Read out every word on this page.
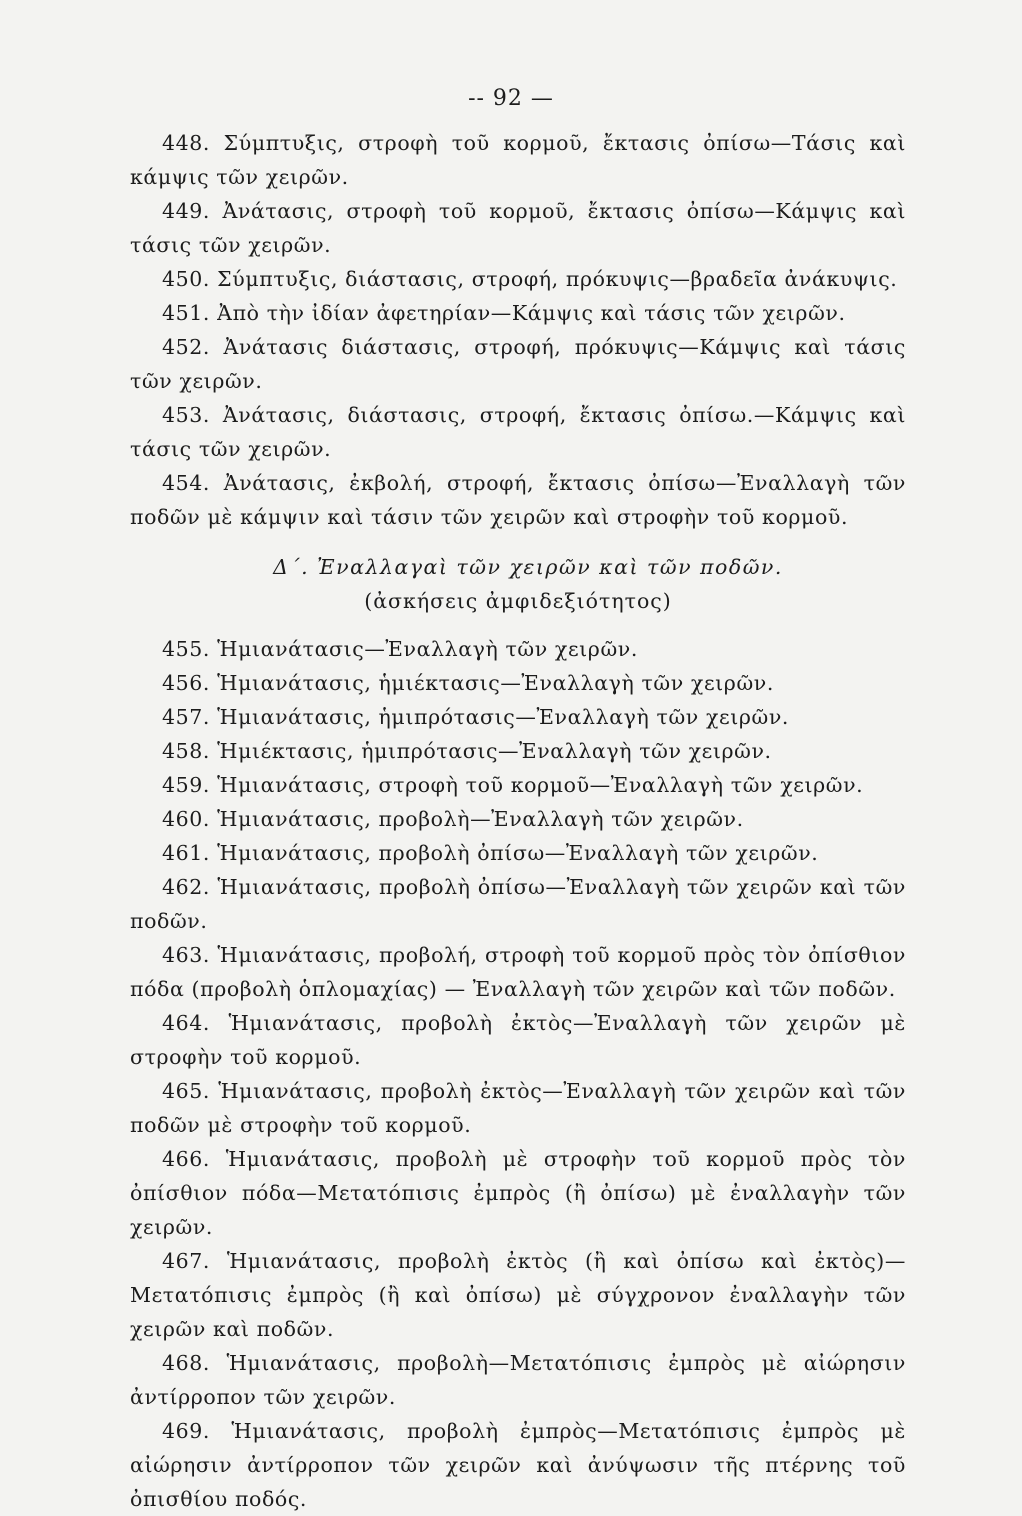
-- 92 —

448. Σύμπτυξις, στροφὴ τοῦ κορμοῦ, ἔκτασις ὀπίσω—Τάσις καὶ κάμψις τῶν χειρῶν.

449. Ἀνάτασις, στροφὴ τοῦ κορμοῦ, ἔκτασις ὀπίσω—Κάμψις καὶ τάσις τῶν χειρῶν.

450. Σύμπτυξις, διάστασις, στροφή, πρόκυψις—βραδεῖα ἀνάκυψις.

451. Ἀπὸ τὴν ἰδίαν ἀφετηρίαν—Κάμψις καὶ τάσις τῶν χειρῶν.

452. Ἀνάτασις διάστασις, στροφή, πρόκυψις—Κάμψις καὶ τάσις τῶν χειρῶν.

453. Ἀνάτασις, διάστασις, στροφή, ἔκτασις ὀπίσω.—Κάμψις καὶ τάσις τῶν χειρῶν.

454. Ἀνάτασις, ἐκβολή, στροφή, ἔκτασις ὀπίσω—Ἐναλλαγὴ τῶν ποδῶν μὲ κάμψιν καὶ τάσιν τῶν χειρῶν καὶ στροφὴν τοῦ κορμοῦ.

Δ΄. Ἐναλλαγαὶ τῶν χειρῶν καὶ τῶν ποδῶν.

(ἀσκήσεις ἀμφιδεξιότητος)

455. Ἡμιανάτασις—Ἐναλλαγὴ τῶν χειρῶν.

456. Ἡμιανάτασις, ἡμιέκτασις—Ἐναλλαγὴ τῶν χειρῶν.

457. Ἡμιανάτασις, ἡμιπρότασις—Ἐναλλαγὴ τῶν χειρῶν.

458. Ἡμιέκτασις, ἡμιπρότασις—Ἐναλλαγὴ τῶν χειρῶν.

459. Ἡμιανάτασις, στροφὴ τοῦ κορμοῦ—Ἐναλλαγὴ τῶν χειρῶν.

460. Ἡμιανάτασις, προβολὴ—Ἐναλλαγὴ τῶν χειρῶν.

461. Ἡμιανάτασις, προβολὴ ὀπίσω—Ἐναλλαγὴ τῶν χειρῶν.

462. Ἡμιανάτασις, προβολὴ ὀπίσω—Ἐναλλαγὴ τῶν χειρῶν καὶ τῶν ποδῶν.

463. Ἡμιανάτασις, προβολή, στροφὴ τοῦ κορμοῦ πρὸς τὸν ὀπίσθιον πόδα (προβολὴ ὁπλομαχίας) — Ἐναλλαγὴ τῶν χειρῶν καὶ τῶν ποδῶν.

464. Ἡμιανάτασις, προβολὴ ἐκτὸς—Ἐναλλαγὴ τῶν χειρῶν μὲ στροφὴν τοῦ κορμοῦ.

465. Ἡμιανάτασις, προβολὴ ἐκτὸς—Ἐναλλαγὴ τῶν χειρῶν καὶ τῶν ποδῶν μὲ στροφὴν τοῦ κορμοῦ.

466. Ἡμιανάτασις, προβολὴ μὲ στροφὴν τοῦ κορμοῦ πρὸς τὸν ὀπίσθιον πόδα—Μετατόπισις ἐμπρὸς (ἢ ὀπίσω) μὲ ἐναλλαγὴν τῶν χειρῶν.

467. Ἡμιανάτασις, προβολὴ ἐκτὸς (ἢ καὶ ὀπίσω καὶ ἐκτὸς)—Μετατόπισις ἐμπρὸς (ἢ καὶ ὀπίσω) μὲ σύγχρονον ἐναλλαγὴν τῶν χειρῶν καὶ ποδῶν.

468. Ἡμιανάτασις, προβολὴ—Μετατόπισις ἐμπρὸς μὲ αἰώρησιν ἀντίρροπον τῶν χειρῶν.

469. Ἡμιανάτασις, προβολὴ ἐμπρὸς—Μετατόπισις ἐμπρὸς μὲ αἰώρησιν ἀντίρροπον τῶν χειρῶν καὶ ἀνύψωσιν τῆς πτέρνης τοῦ ὀπισθίου ποδός.
